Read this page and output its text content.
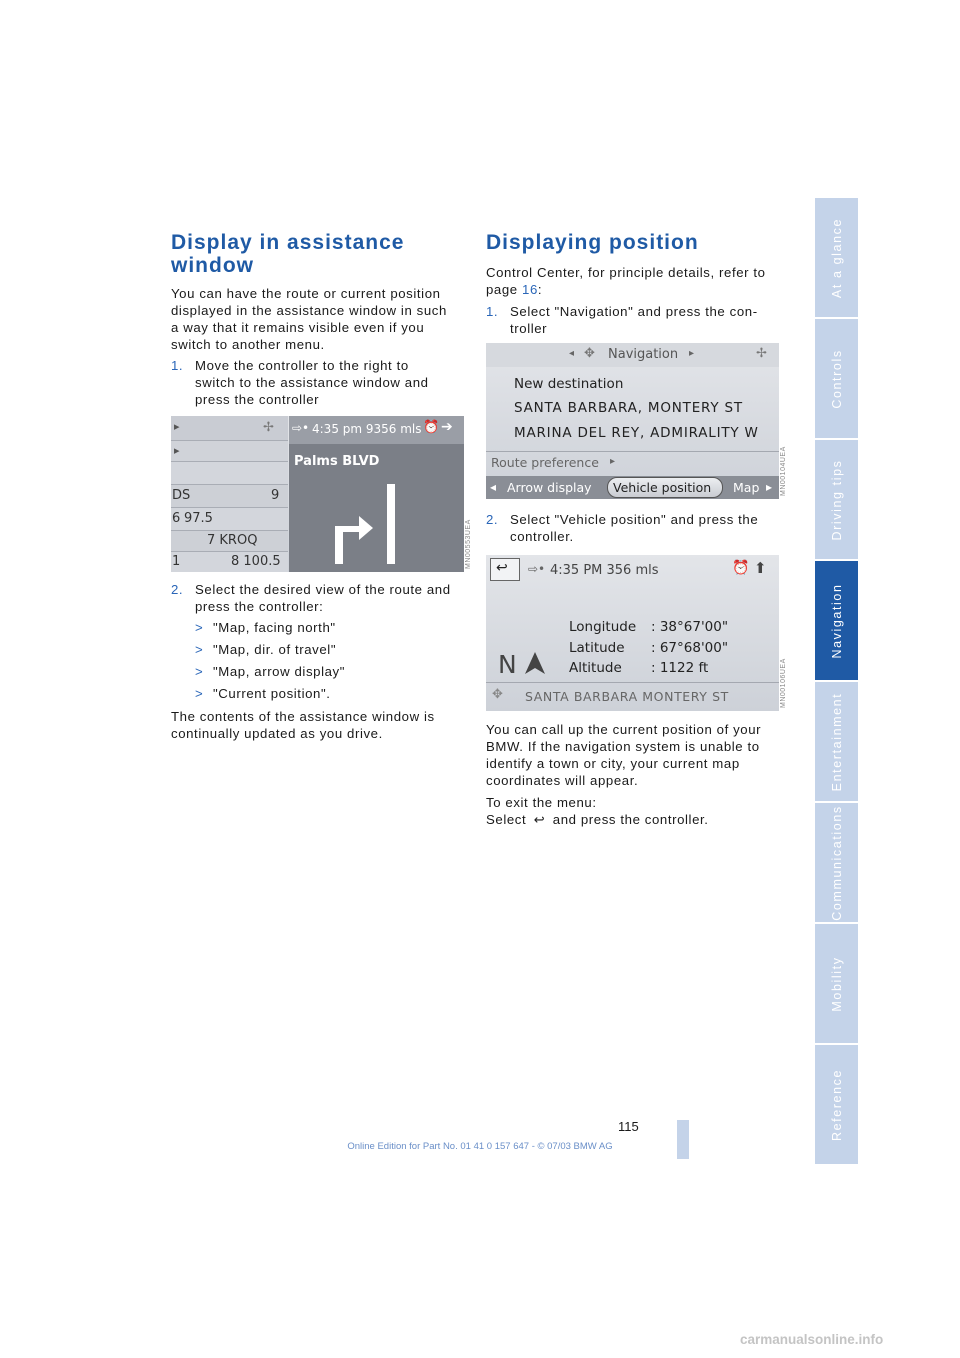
At a glance
Controls
Driving tips
Navigation
Entertainment
Communications
Mobility
Reference
Display in assistance
window

You can have the route or current position

displayed in the assistance window in such

a way that it remains visible even if you

switch to another menu.

1. Move the controller to the right to

switch to the assistance window and

press the controller

▸
▸
DS	9
6 97.5
7 KROQ
1	8 100.5
✢ ⇨• 4:35 pm 9356 mls ⏰ ➔
Palms BLVD
MN00553UEA
2. Select the desired view of the route and

press the controller:

> "Map, facing north"
> "Map, dir. of travel"
> "Map, arrow display"
> "Current position".

The contents of the assistance window is

continually updated as you drive.

Displaying position

Control Center, for principle details, refer to

page 16:

1. Select "Navigation" and press the con-

troller

◂ ✥ Navigation ▸	✢
New destination
SANTA BARBARA, MONTERY ST
MARINA DEL REY, ADMIRALITY W
Route preference ▸
◂ Arrow display Vehicle position Map ▸ MN00104UEA
2. Select "Vehicle position" and press the

controller.

↩ ⇨• 4:35 PM 356 mls	⏰ ⬆
Longitude : 38°67'00"
Latitude : 67°68'00"
Altitude : 1122 ft
N
✥ SANTA BARBARA MONTERY ST	MN00106UEA

You can call up the current position of your

BMW. If the navigation system is unable to

identify a town or city, your current map

coordinates will appear.

To exit the menu:

Select ↩ and press the controller.

115
Online Edition for Part No. 01 41 0 157 647 - © 07/03 BMW AG
carmanualsonline.info
